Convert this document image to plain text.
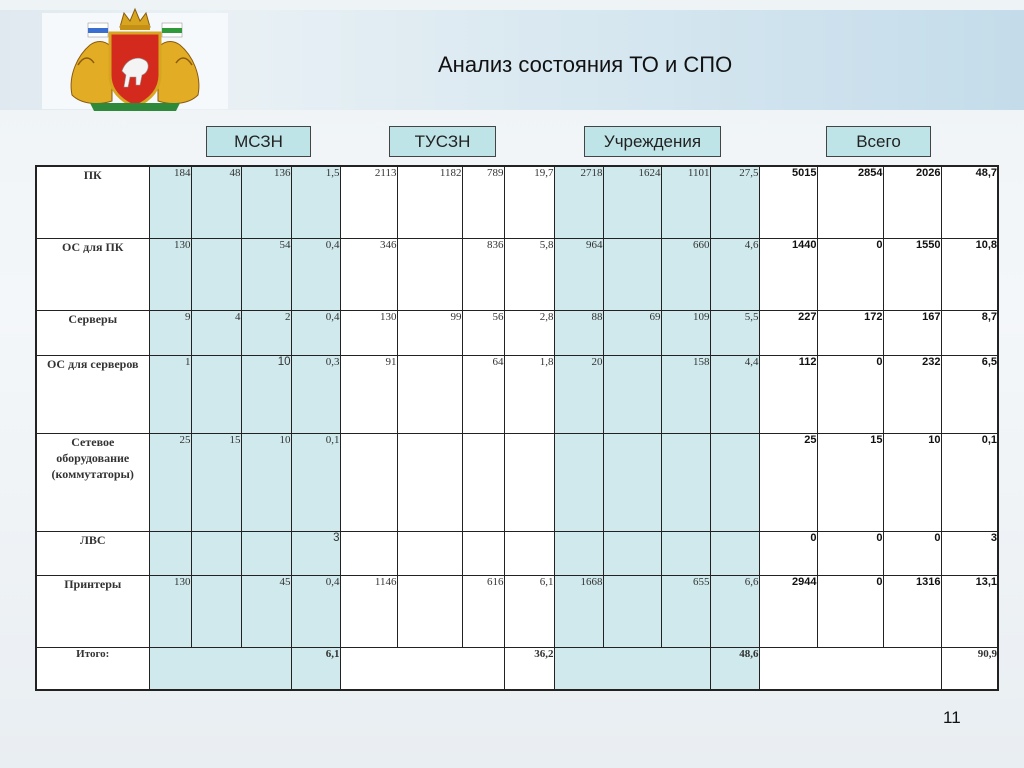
Анализ состояния ТО и СПО
МСЗН	ТУСЗН	Учреждения	Всего
ПК	184	48	136	1,5	2113	1182	789	19,7	2718	1624	1101	27,5	5015	2854	2026	48,7
ОС для ПК	130		54	0,4	346		836	5,8	964		660	4,6	1440	0	1550	10,8
Серверы	9	4	2	0,4	130	99	56	2,8	88	69	109	5,5	227	172	167	8,7
ОС для серверов	1		10	0,3	91		64	1,8	20		158	4,4	112	0	232	6,5
Сетевое оборудование (коммутаторы)	25	15	10	0,1									25	15	10	0,1
ЛВС				3									0	0	0	3
Принтеры	130		45	0,4	1146		616	6,1	1668		655	6,6	2944	0	1316	13,1
Итого:				6,1				36,2				48,6				90,9
11
